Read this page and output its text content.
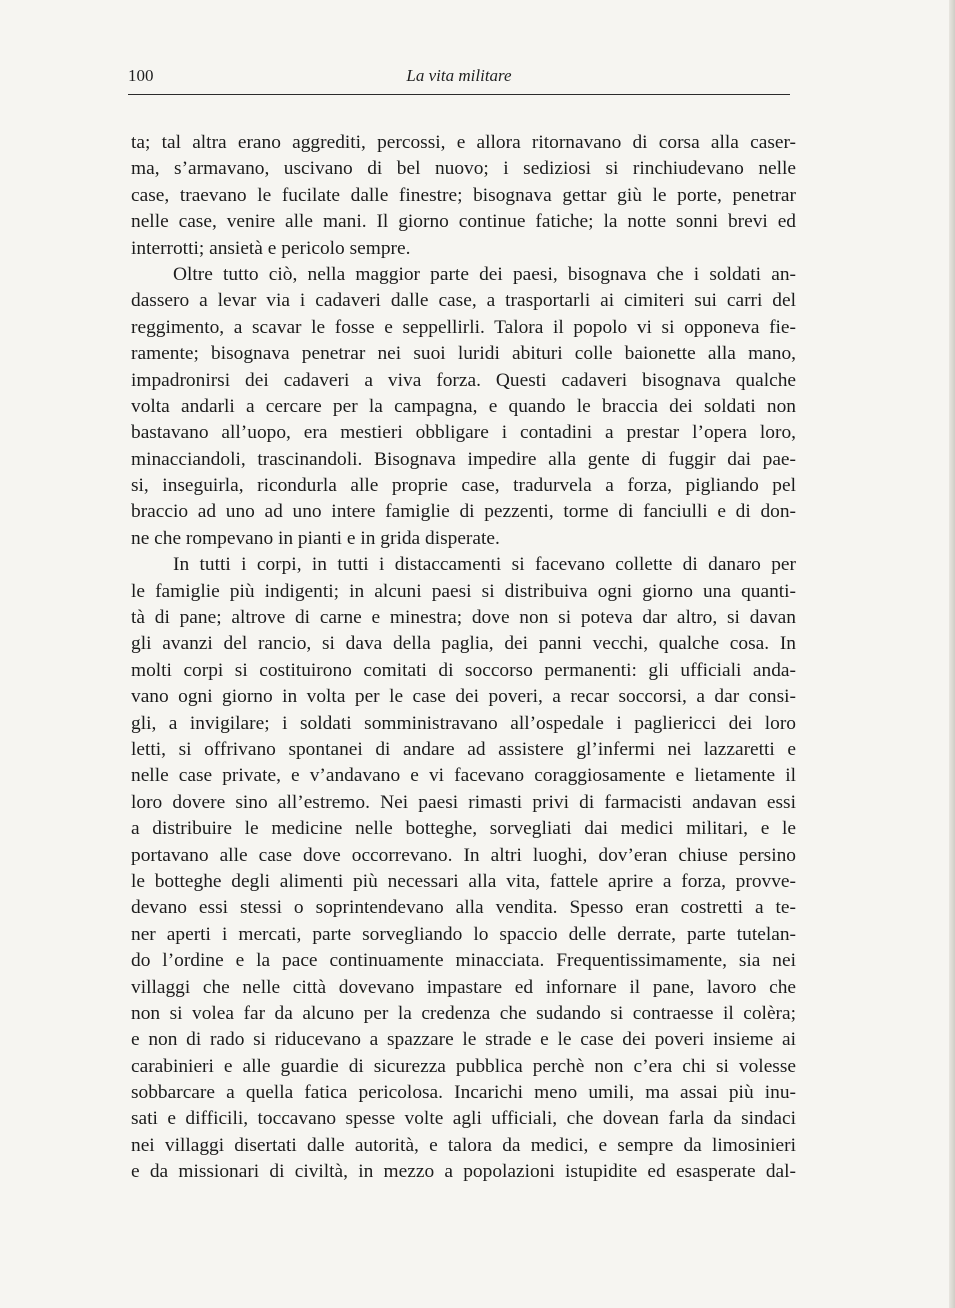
100	La vita militare
ta; tal altra erano aggrediti, percossi, e allora ritornavano di corsa alla caser-
ma, s’armavano, uscivano di bel nuovo; i sediziosi si rinchiudevano nelle
case, traevano le fucilate dalle finestre; bisognava gettar giù le porte, penetrar
nelle case, venire alle mani. Il giorno continue fatiche; la notte sonni brevi ed
interrotti; ansietà e pericolo sempre.
Oltre tutto ciò, nella maggior parte dei paesi, bisognava che i soldati an-
dassero a levar via i cadaveri dalle case, a trasportarli ai cimiteri sui carri del
reggimento, a scavar le fosse e seppellirli. Talora il popolo vi si opponeva fie-
ramente; bisognava penetrar nei suoi luridi abituri colle baionette alla mano,
impadronirsi dei cadaveri a viva forza. Questi cadaveri bisognava qualche
volta andarli a cercare per la campagna, e quando le braccia dei soldati non
bastavano all’uopo, era mestieri obbligare i contadini a prestar l’opera loro,
minacciandoli, trascinandoli. Bisognava impedire alla gente di fuggir dai pae-
si, inseguirla, ricondurla alle proprie case, tradurvela a forza, pigliando pel
braccio ad uno ad uno intere famiglie di pezzenti, torme di fanciulli e di don-
ne che rompevano in pianti e in grida disperate.
In tutti i corpi, in tutti i distaccamenti si facevano collette di danaro per
le famiglie più indigenti; in alcuni paesi si distribuiva ogni giorno una quanti-
tà di pane; altrove di carne e minestra; dove non si poteva dar altro, si davan
gli avanzi del rancio, si dava della paglia, dei panni vecchi, qualche cosa. In
molti corpi si costituirono comitati di soccorso permanenti: gli ufficiali anda-
vano ogni giorno in volta per le case dei poveri, a recar soccorsi, a dar consi-
gli, a invigilare; i soldati somministravano all’ospedale i pagliericci dei loro
letti, si offrivano spontanei di andare ad assistere gl’infermi nei lazzaretti e
nelle case private, e v’andavano e vi facevano coraggiosamente e lietamente il
loro dovere sino all’estremo. Nei paesi rimasti privi di farmacisti andavan essi
a distribuire le medicine nelle botteghe, sorvegliati dai medici militari, e le
portavano alle case dove occorrevano. In altri luoghi, dov’eran chiuse persino
le botteghe degli alimenti più necessari alla vita, fattele aprire a forza, provve-
devano essi stessi o soprintendevano alla vendita. Spesso eran costretti a te-
ner aperti i mercati, parte sorvegliando lo spaccio delle derrate, parte tutelan-
do l’ordine e la pace continuamente minacciata. Frequentissimamente, sia nei
villaggi che nelle città dovevano impastare ed infornare il pane, lavoro che
non si volea far da alcuno per la credenza che sudando si contraesse il colèra;
e non di rado si riducevano a spazzare le strade e le case dei poveri insieme ai
carabinieri e alle guardie di sicurezza pubblica perchè non c’era chi si volesse
sobbarcare a quella fatica pericolosa. Incarichi meno umili, ma assai più inu-
sati e difficili, toccavano spesse volte agli ufficiali, che dovean farla da sindaci
nei villaggi disertati dalle autorità, e talora da medici, e sempre da limosinieri
e da missionari di civiltà, in mezzo a popolazioni istupidite ed esasperate dal-
